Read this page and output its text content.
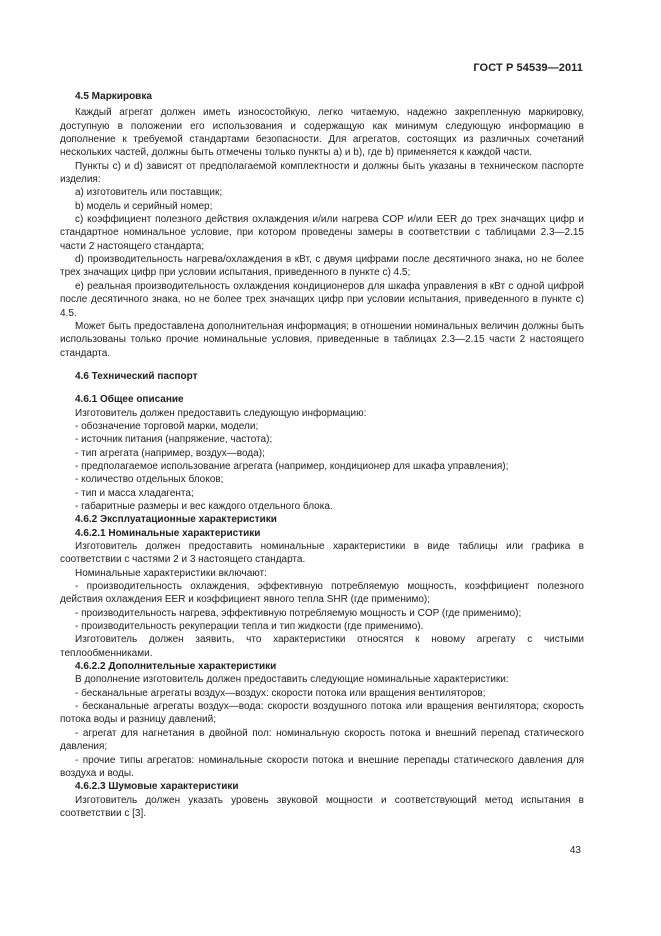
ГОСТ Р 54539—2011

4.5 Маркировка

Каждый агрегат должен иметь износостойкую, легко читаемую, надежно закрепленную маркировку, доступную в положении его использования и содержащую как минимум следующую информацию в дополнение к требуемой стандартами безопасности. Для агрегатов, состоящих из различных сочетаний нескольких частей, должны быть отмечены только пункты a) и b), где b) применяется к каждой части.

Пункты c) и d) зависят от предполагаемой комплектности и должны быть указаны в техническом паспорте изделия:

a) изготовитель или поставщик;

b) модель и серийный номер;

c) коэффициент полезного действия охлаждения и/или нагрева COP и/или EER до трех значащих цифр и стандартное номинальное условие, при котором проведены замеры в соответствии с таблицами 2.3—2.15 части 2 настоящего стандарта;

d) производительность нагрева/охлаждения в кВт, с двумя цифрами после десятичного знака, но не более трех значащих цифр при условии испытания, приведенного в пункте c) 4.5;

e) реальная производительность охлаждения кондиционеров для шкафа управления в кВт с одной цифрой после десятичного знака, но не более трех значащих цифр при условии испытания, приведенного в пункте c) 4.5.

Может быть предоставлена дополнительная информация; в отношении номинальных величин должны быть использованы только прочие номинальные условия, приведенные в таблицах 2.3—2.15 части 2 настоящего стандарта.

4.6 Технический паспорт

4.6.1 Общее описание

Изготовитель должен предоставить следующую информацию:

- обозначение торговой марки, модели;

- источник питания (напряжение, частота);

- тип агрегата (например, воздух—вода);

- предполагаемое использование агрегата (например, кондиционер для шкафа управления);

- количество отдельных блоков;

- тип и масса хладагента;

- габаритные размеры и вес каждого отдельного блока.

4.6.2 Эксплуатационные характеристики

4.6.2.1 Номинальные характеристики

Изготовитель должен предоставить номинальные характеристики в виде таблицы или графика в соответствии с частями 2 и 3 настоящего стандарта.

Номинальные характеристики включают:

- производительность охлаждения, эффективную потребляемую мощность, коэффициент полезного действия охлаждения EER и коэффициент явного тепла SHR (где применимо);

- производительность нагрева, эффективную потребляемую мощность и COP (где применимо);

- производительность рекуперации тепла и тип жидкости (где применимо).

Изготовитель должен заявить, что характеристики относятся к новому агрегату с чистыми теплообменниками.

4.6.2.2 Дополнительные характеристики

В дополнение изготовитель должен предоставить следующие номинальные характеристики:

- бесканальные агрегаты воздух—воздух: скорости потока или вращения вентиляторов;

- бесканальные агрегаты воздух—вода: скорости воздушного потока или вращения вентилятора; скорость потока воды и разницу давлений;

- агрегат для нагнетания в двойной пол: номинальную скорость потока и внешний перепад статического давления;

- прочие типы агрегатов: номинальные скорости потока и внешние перепады статического давления для воздуха и воды.

4.6.2.3 Шумовые характеристики

Изготовитель должен указать уровень звуковой мощности и соответствующий метод испытания в соответствии с [3].

43
